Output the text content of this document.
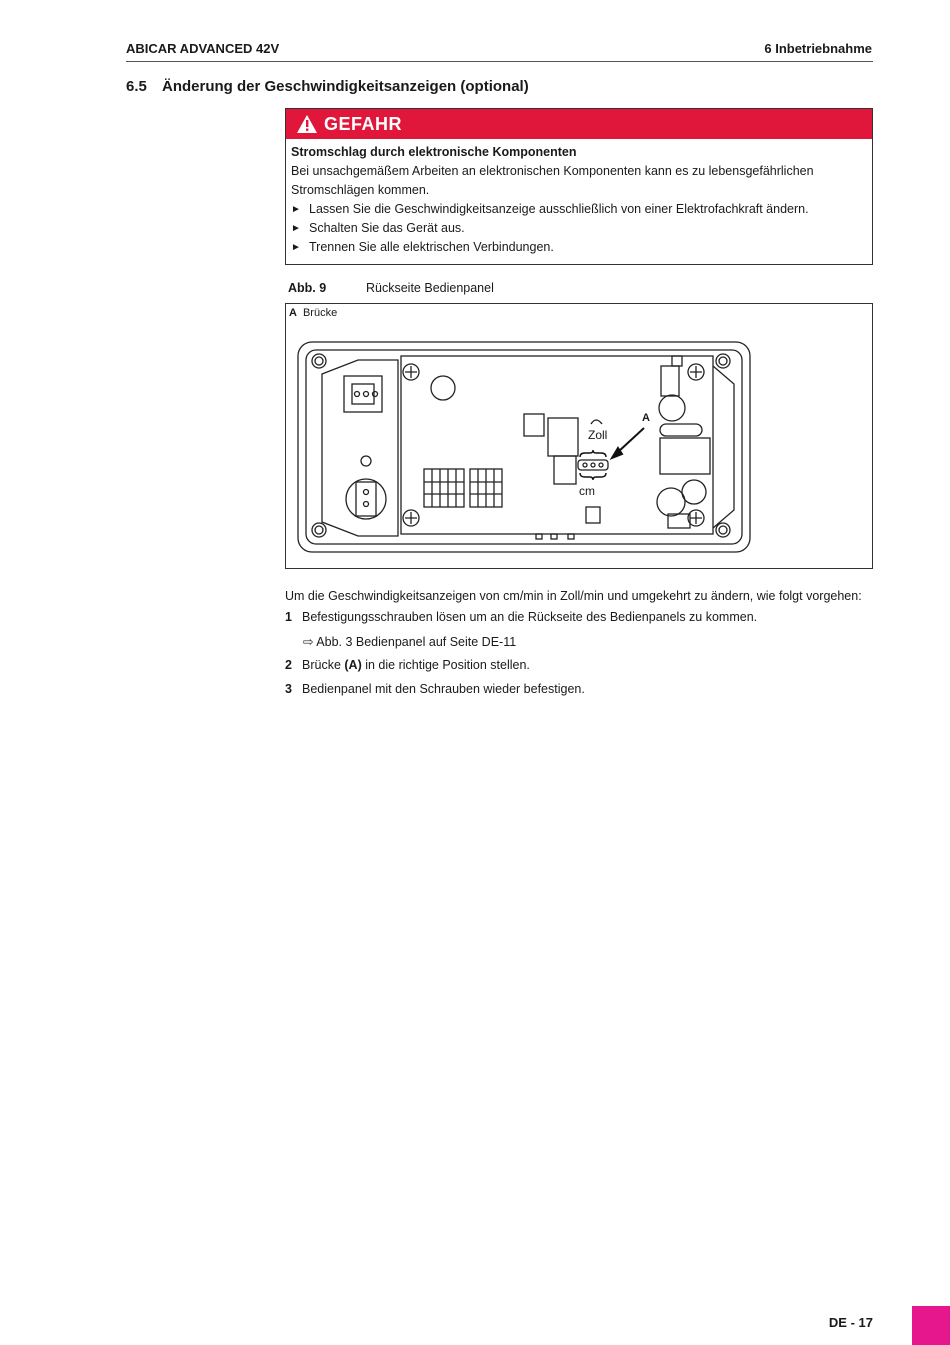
ABICAR ADVANCED 42V	6 Inbetriebnahme
6.5 Änderung der Geschwindigkeitsanzeigen (optional)
GEFAHR
Stromschlag durch elektronische Komponenten
Bei unsachgemäßem Arbeiten an elektronischen Komponenten kann es zu lebensgefährlichen
Stromschlägen kommen.
► Lassen Sie die Geschwindigkeitsanzeige ausschließlich von einer Elektrofachkraft ändern.
► Schalten Sie das Gerät aus.
► Trennen Sie alle elektrischen Verbindungen.
Abb. 9	Rückseite Bedienpanel
A Brücke
A
Zoll
cm
Um die Geschwindigkeitsanzeigen von cm/min in Zoll/min und umgekehrt zu ändern, wie folgt vorgehen:
1 Befestigungsschrauben lösen um an die Rückseite des Bedienpanels zu kommen.
⇨ Abb. 3 Bedienpanel auf Seite DE-11
2 Brücke (A) in die richtige Position stellen.
3 Bedienpanel mit den Schrauben wieder befestigen.
DE - 17
